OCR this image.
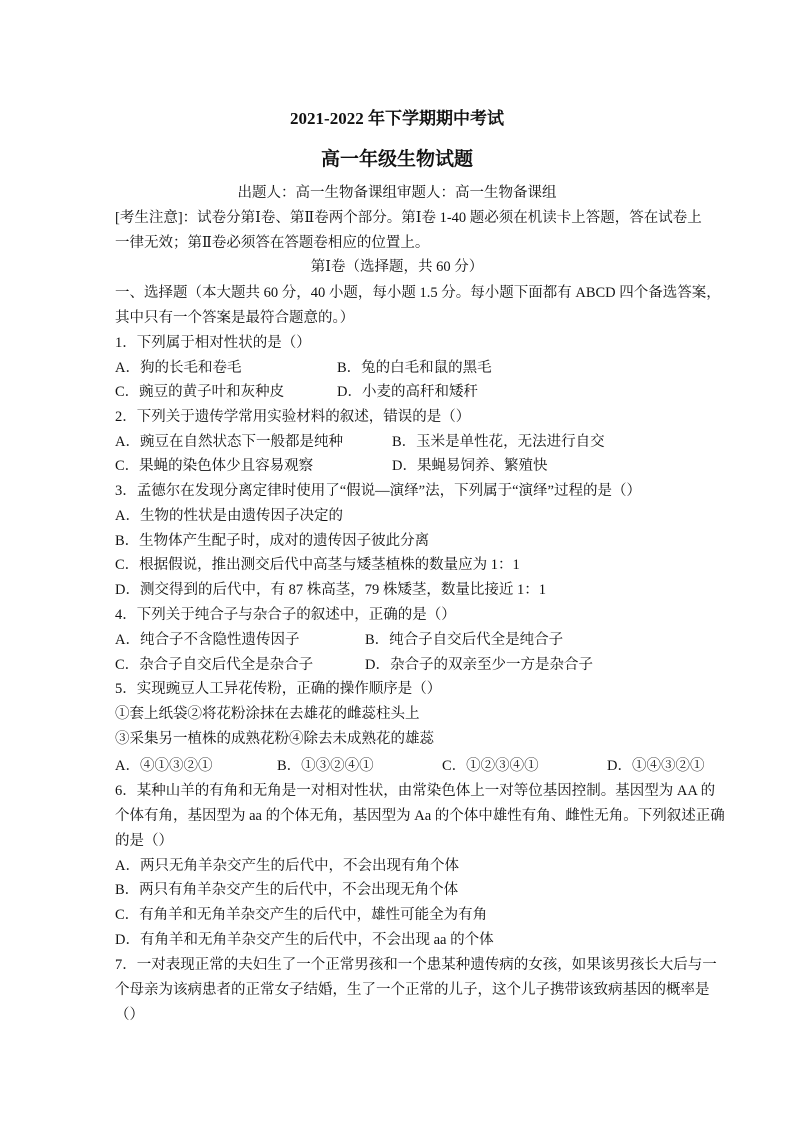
2021-2022 年下学期期中考试
高一年级生物试题
出题人：高一生物备课组审题人：高一生物备课组
[考生注意]：试卷分第Ⅰ卷、第Ⅱ卷两个部分。第Ⅰ卷 1-40 题必须在机读卡上答题，答在试卷上
一律无效；第Ⅱ卷必须答在答题卷相应的位置上。
第Ⅰ卷（选择题，共 60 分）
一、选择题（本大题共 60 分，40 小题，每小题 1.5 分。每小题下面都有 ABCD 四个备选答案，
其中只有一个答案是最符合题意的。）
1．下列属于相对性状的是（）
A．狗的长毛和卷毛	B．兔的白毛和鼠的黑毛
C．豌豆的黄子叶和灰种皮	D．小麦的高秆和矮秆
2．下列关于遗传学常用实验材料的叙述，错误的是（）
A．豌豆在自然状态下一般都是纯种	B．玉米是单性花，无法进行自交
C．果蝇的染色体少且容易观察	D．果蝇易饲养、繁殖快
3．孟德尔在发现分离定律时使用了“假说—演绎”法，下列属于“演绎”过程的是（）
A．生物的性状是由遗传因子决定的
B．生物体产生配子时，成对的遗传因子彼此分离
C．根据假说，推出测交后代中高茎与矮茎植株的数量应为 1：1
D．测交得到的后代中，有 87 株高茎，79 株矮茎，数量比接近 1：1
4．下列关于纯合子与杂合子的叙述中，正确的是（）
A．纯合子不含隐性遗传因子	B．纯合子自交后代全是纯合子
C．杂合子自交后代全是杂合子	D．杂合子的双亲至少一方是杂合子
5．实现豌豆人工异花传粉，正确的操作顺序是（）
①套上纸袋②将花粉涂抹在去雄花的雌蕊柱头上
③采集另一植株的成熟花粉④除去未成熟花的雄蕊
A．④①③②①	B．①③②④①	C．①②③④①	D．①④③②①
6．某种山羊的有角和无角是一对相对性状，由常染色体上一对等位基因控制。基因型为 AA 的
个体有角，基因型为 aa 的个体无角，基因型为 Aa 的个体中雄性有角、雌性无角。下列叙述正确
的是（）
A．两只无角羊杂交产生的后代中，不会出现有角个体
B．两只有角羊杂交产生的后代中，不会出现无角个体
C．有角羊和无角羊杂交产生的后代中，雄性可能全为有角
D．有角羊和无角羊杂交产生的后代中，不会出现 aa 的个体
7．一对表现正常的夫妇生了一个正常男孩和一个患某种遗传病的女孩，如果该男孩长大后与一
个母亲为该病患者的正常女子结婚，生了一个正常的儿子，这个儿子携带该致病基因的概率是
（）
